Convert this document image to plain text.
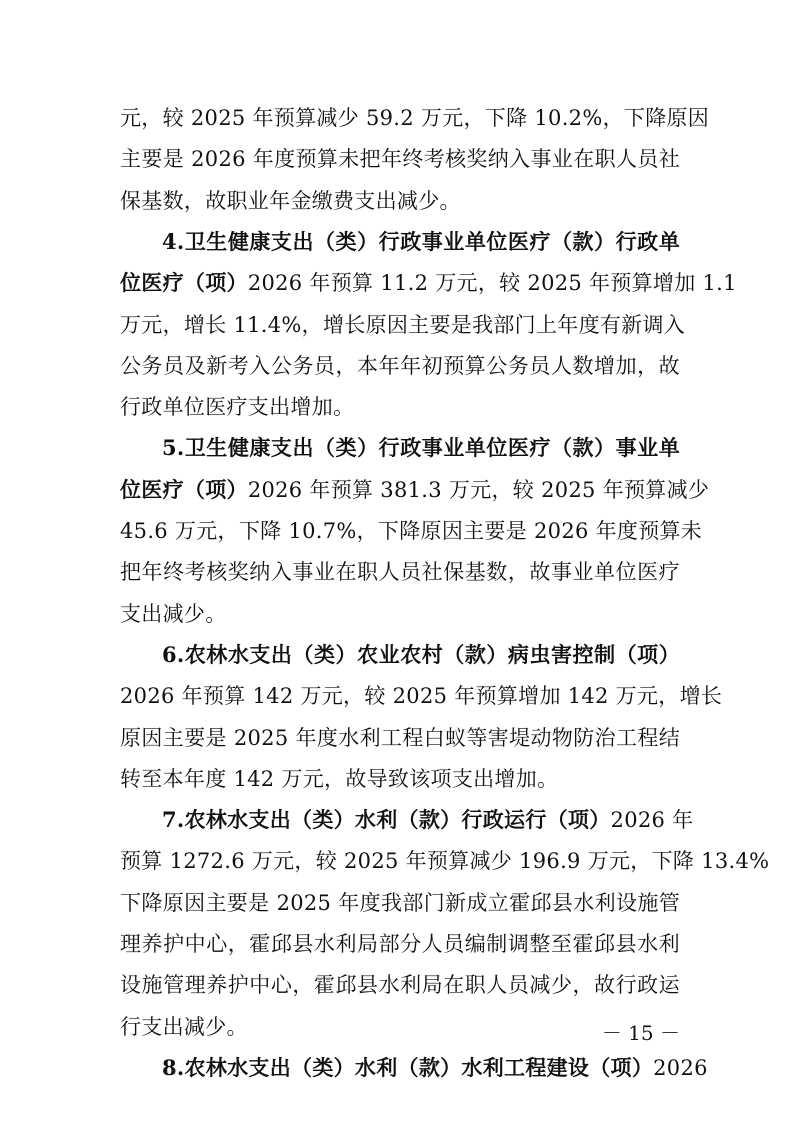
元，较 2025 年预算减少 59.2 万元，下降 10.2%，下降原因
主要是 2026 年度预算未把年终考核奖纳入事业在职人员社
保基数，故职业年金缴费支出减少。
4.卫生健康支出（类）行政事业单位医疗（款）行政单
位医疗（项）2026 年预算 11.2 万元，较 2025 年预算增加 1.1
万元，增长 11.4%，增长原因主要是我部门上年度有新调入
公务员及新考入公务员，本年年初预算公务员人数增加，故
行政单位医疗支出增加。
5.卫生健康支出（类）行政事业单位医疗（款）事业单
位医疗（项）2026 年预算 381.3 万元，较 2025 年预算减少
45.6 万元，下降 10.7%，下降原因主要是 2026 年度预算未
把年终考核奖纳入事业在职人员社保基数，故事业单位医疗
支出减少。
6.农林水支出（类）农业农村（款）病虫害控制（项）
2026 年预算 142 万元，较 2025 年预算增加 142 万元，增长
原因主要是 2025 年度水利工程白蚁等害堤动物防治工程结
转至本年度 142 万元，故导致该项支出增加。
7.农林水支出（类）水利（款）行政运行（项）2026 年
预算 1272.6 万元，较 2025 年预算减少 196.9 万元，下降 13.4%
下降原因主要是 2025 年度我部门新成立霍邱县水利设施管
理养护中心，霍邱县水利局部分人员编制调整至霍邱县水利
设施管理养护中心，霍邱县水利局在职人员减少，故行政运
行支出减少。
8.农林水支出（类）水利（款）水利工程建设（项）2026
－ 15 －
